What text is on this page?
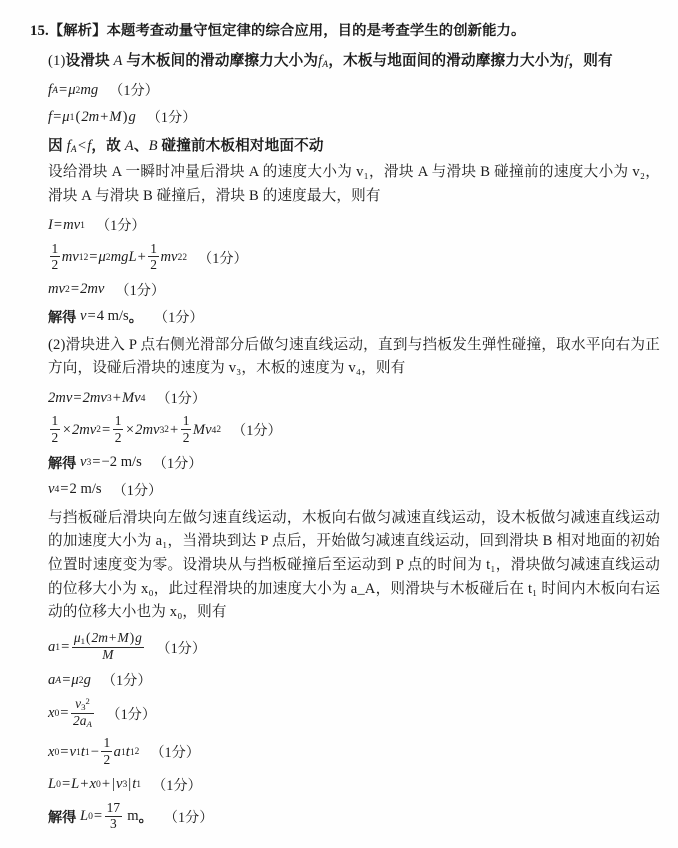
15.【解析】本题考查动量守恒定律的综合应用，目的是考查学生的创新能力。
(1)设滑块 A 与木板间的滑动摩擦力大小为$f_A$，木板与地面间的滑动摩擦力大小为f，则有
f A = μ 2 mg （1分）
f = μ 1 ( 2m + M ) g （1分）
因 $f_A<f$，故 A、B 碰撞前木板相对地面不动
设给滑块 A 一瞬时冲量后滑块 A 的速度大小为 v₁，滑块 A 与滑块 B 碰撞前的速度大小为 v₂，滑块 A 与滑块 B 碰撞后，滑块 B 的速度最大，则有
I = mv 1 （1分）
$\frac{1}{2}$ mv 1 2 = μ 2 mgL + $\frac{1}{2}$ mv 2 2 （1分）
mv 2 = 2mv （1分）
解得
v = 4
m/s 。 （1分）
(2)滑块进入 P 点右侧光滑部分后做匀速直线运动，直到与挡板发生弹性碰撞，取水平向右为正方向，设碰后滑块的速度为 v₃，木板的速度为 v₄，则有
2mv = 2mv 3 + Mv 4 （1分）
$\frac{1}{2} \times 2mv$ $2 = \frac{1}{2} \times 2mv$ 3 $2 + \frac{1}{2}$ Mv 4 2 （1分）
解得
v 3 = −2
m/s （1分）
v 4 = 2
m/s （1分）
与挡板碰后滑块向左做匀速直线运动，木板向右做匀减速直线运动，设木板做匀减速直线运动的加速度大小为 a₁，当滑块到达 P 点后，开始做匀减速直线运动，回到滑块 B 相对地面的初始位置时速度变为零。设滑块从与挡板碰撞后至运动到 P 点的时间为 t₁，滑块做匀减速直线运动的位移大小为 x₀，此过程滑块的加速度大小为 a_A，则滑块与木板碰后在 t₁ 时间内木板向右运动的位移大小也为 x₀，则有
a $1 = \frac{\mu_1(2m+M)g}{M} (1$分）
a A = μ 2 g （1分）
x $0 = \frac{v_3^2}{2a_A} (1$分）
x 0 = v 1 t $1 - \frac{1}{2}$ a 1 t 1 2 （1分）
L 0 = L + x 0 + | v 3 | t 1 （1分）
解得
L $0 = \frac{17}{3}$
m 。 （1分）
